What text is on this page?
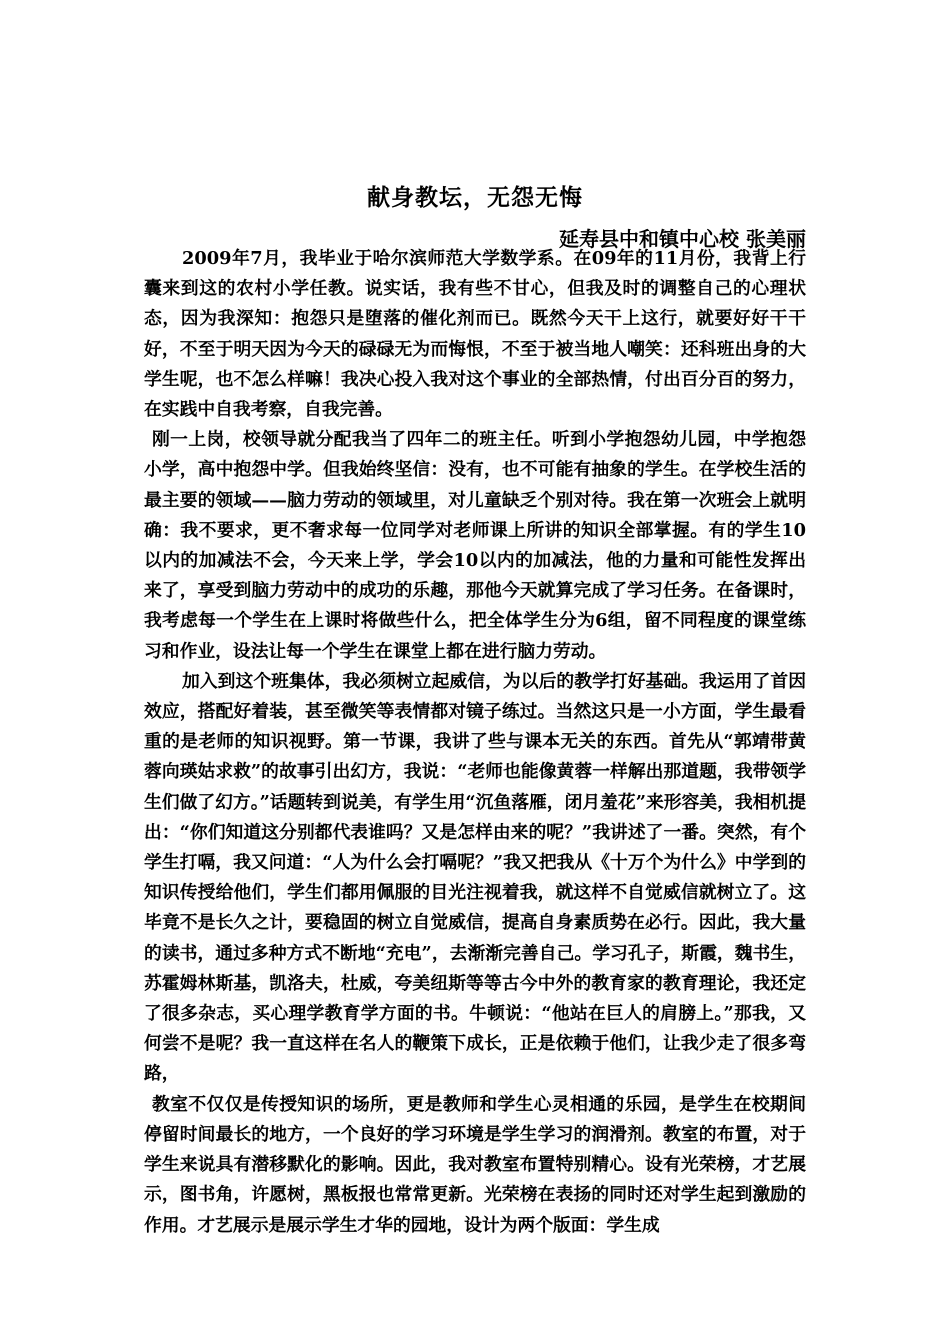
献身教坛，无怨无悔
延寿县中和镇中心校 张美丽

2009年7月，我毕业于哈尔滨师范大学数学系。在09年的11月份，我背上行囊来到这的农村小学任教。说实话，我有些不甘心，但我及时的调整自己的心理状态，因为我深知：抱怨只是堕落的催化剂而已。既然今天干上这行，就要好好干干好，不至于明天因为今天的碌碌无为而悔恨，不至于被当地人嘲笑：还科班出身的大学生呢，也不怎么样嘛！我决心投入我对这个事业的全部热情，付出百分百的努力，在实践中自我考察，自我完善。

刚一上岗，校领导就分配我当了四年二的班主任。听到小学抱怨幼儿园，中学抱怨小学，高中抱怨中学。但我始终坚信：没有，也不可能有抽象的学生。在学校生活的最主要的领域——脑力劳动的领域里，对儿童缺乏个别对待。我在第一次班会上就明确：我不要求，更不奢求每一位同学对老师课上所讲的知识全部掌握。有的学生10以内的加减法不会，今天来上学，学会10以内的加减法，他的力量和可能性发挥出来了，享受到脑力劳动中的成功的乐趣，那他今天就算完成了学习任务。在备课时，我考虑每一个学生在上课时将做些什么，把全体学生分为6组，留不同程度的课堂练习和作业，设法让每一个学生在课堂上都在进行脑力劳动。

加入到这个班集体，我必须树立起威信，为以后的教学打好基础。我运用了首因效应，搭配好着装，甚至微笑等表情都对镜子练过。当然这只是一小方面，学生最看重的是老师的知识视野。第一节课，我讲了些与课本无关的东西。首先从“郭靖带黄蓉向瑛姑求救”的故事引出幻方，我说：“老师也能像黄蓉一样解出那道题，我带领学生们做了幻方。”话题转到说美，有学生用“沉鱼落雁，闭月羞花”来形容美，我相机提出：“你们知道这分别都代表谁吗？又是怎样由来的呢？”我讲述了一番。突然，有个学生打嗝，我又问道：“人为什么会打嗝呢？”我又把我从《十万个为什么》中学到的知识传授给他们，学生们都用佩服的目光注视着我，就这样不自觉威信就树立了。这毕竟不是长久之计，要稳固的树立自觉威信，提高自身素质势在必行。因此，我大量的读书，通过多种方式不断地“充电”，去渐渐完善自己。学习孔子，斯霞，魏书生，苏霍姆林斯基，凯洛夫，杜威，夸美纽斯等等古今中外的教育家的教育理论，我还定了很多杂志，买心理学教育学方面的书。牛顿说：“他站在巨人的肩膀上。”那我，又何尝不是呢？我一直这样在名人的鞭策下成长，正是依赖于他们，让我少走了很多弯路，

教室不仅仅是传授知识的场所，更是教师和学生心灵相通的乐园，是学生在校期间停留时间最长的地方，一个良好的学习环境是学生学习的润滑剂。教室的布置，对于学生来说具有潜移默化的影响。因此，我对教室布置特别精心。设有光荣榜，才艺展示，图书角，许愿树，黑板报也常常更新。光荣榜在表扬的同时还对学生起到激励的作用。才艺展示是展示学生才华的园地，设计为两个版面：学生成
